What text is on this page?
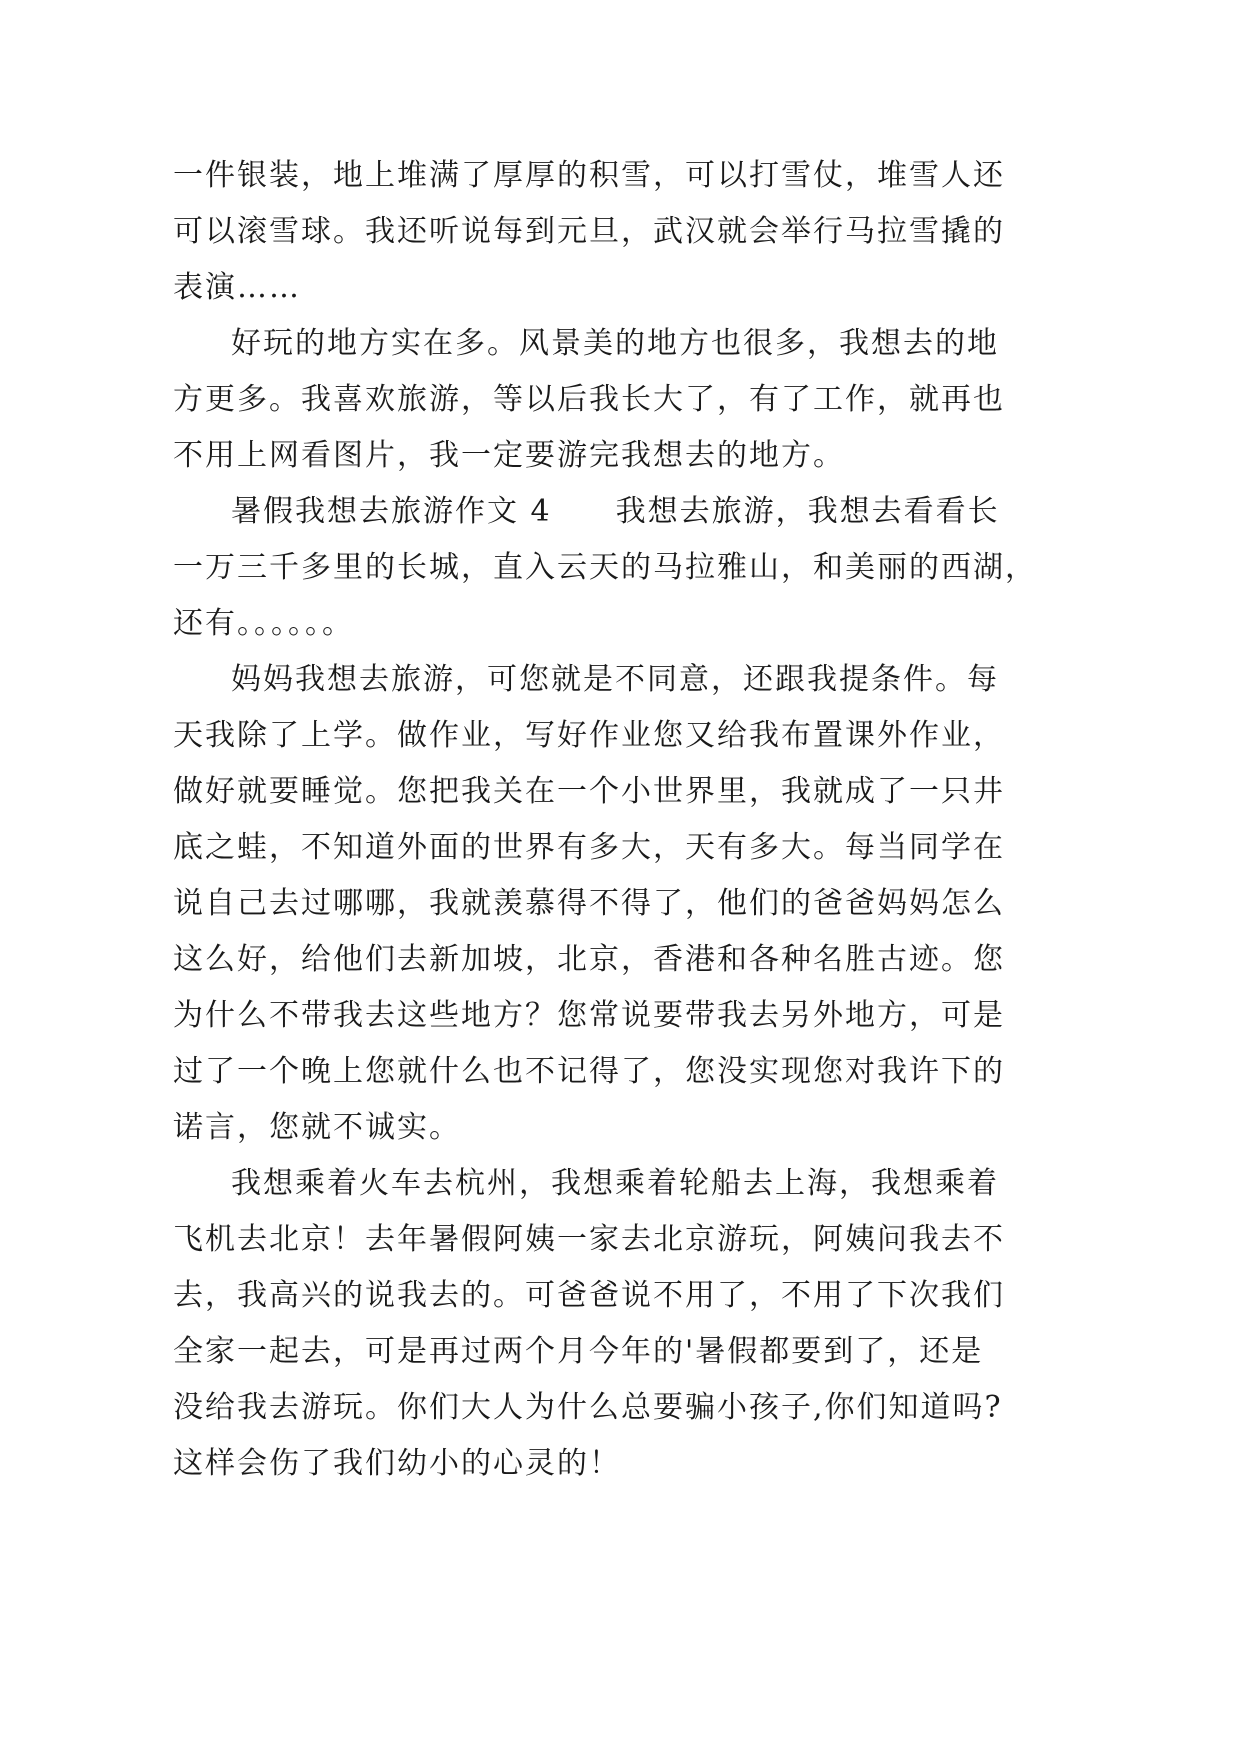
一件银装，地上堆满了厚厚的积雪，可以打雪仗，堆雪人还
可以滚雪球。我还听说每到元旦，武汉就会举行马拉雪撬的
表演……
好玩的地方实在多。风景美的地方也很多，我想去的地
方更多。我喜欢旅游，等以后我长大了，有了工作，就再也
不用上网看图片，我一定要游完我想去的地方。
暑假我想去旅游作文 4　　我想去旅游，我想去看看长
一万三千多里的长城，直入云天的马拉雅山，和美丽的西湖，
还有。。。。。。
妈妈我想去旅游，可您就是不同意，还跟我提条件。每
天我除了上学。做作业，写好作业您又给我布置课外作业，
做好就要睡觉。您把我关在一个小世界里，我就成了一只井
底之蛙，不知道外面的世界有多大，天有多大。每当同学在
说自己去过哪哪，我就羡慕得不得了，他们的爸爸妈妈怎么
这么好，给他们去新加坡，北京，香港和各种名胜古迹。您
为什么不带我去这些地方？您常说要带我去另外地方，可是
过了一个晚上您就什么也不记得了，您没实现您对我许下的
诺言，您就不诚实。
我想乘着火车去杭州，我想乘着轮船去上海，我想乘着
飞机去北京！去年暑假阿姨一家去北京游玩，阿姨问我去不
去，我高兴的说我去的。可爸爸说不用了，不用了下次我们
全家一起去，可是再过两个月今年的'暑假都要到了，还是
没给我去游玩。你们大人为什么总要骗小孩子,你们知道吗?
这样会伤了我们幼小的心灵的！
